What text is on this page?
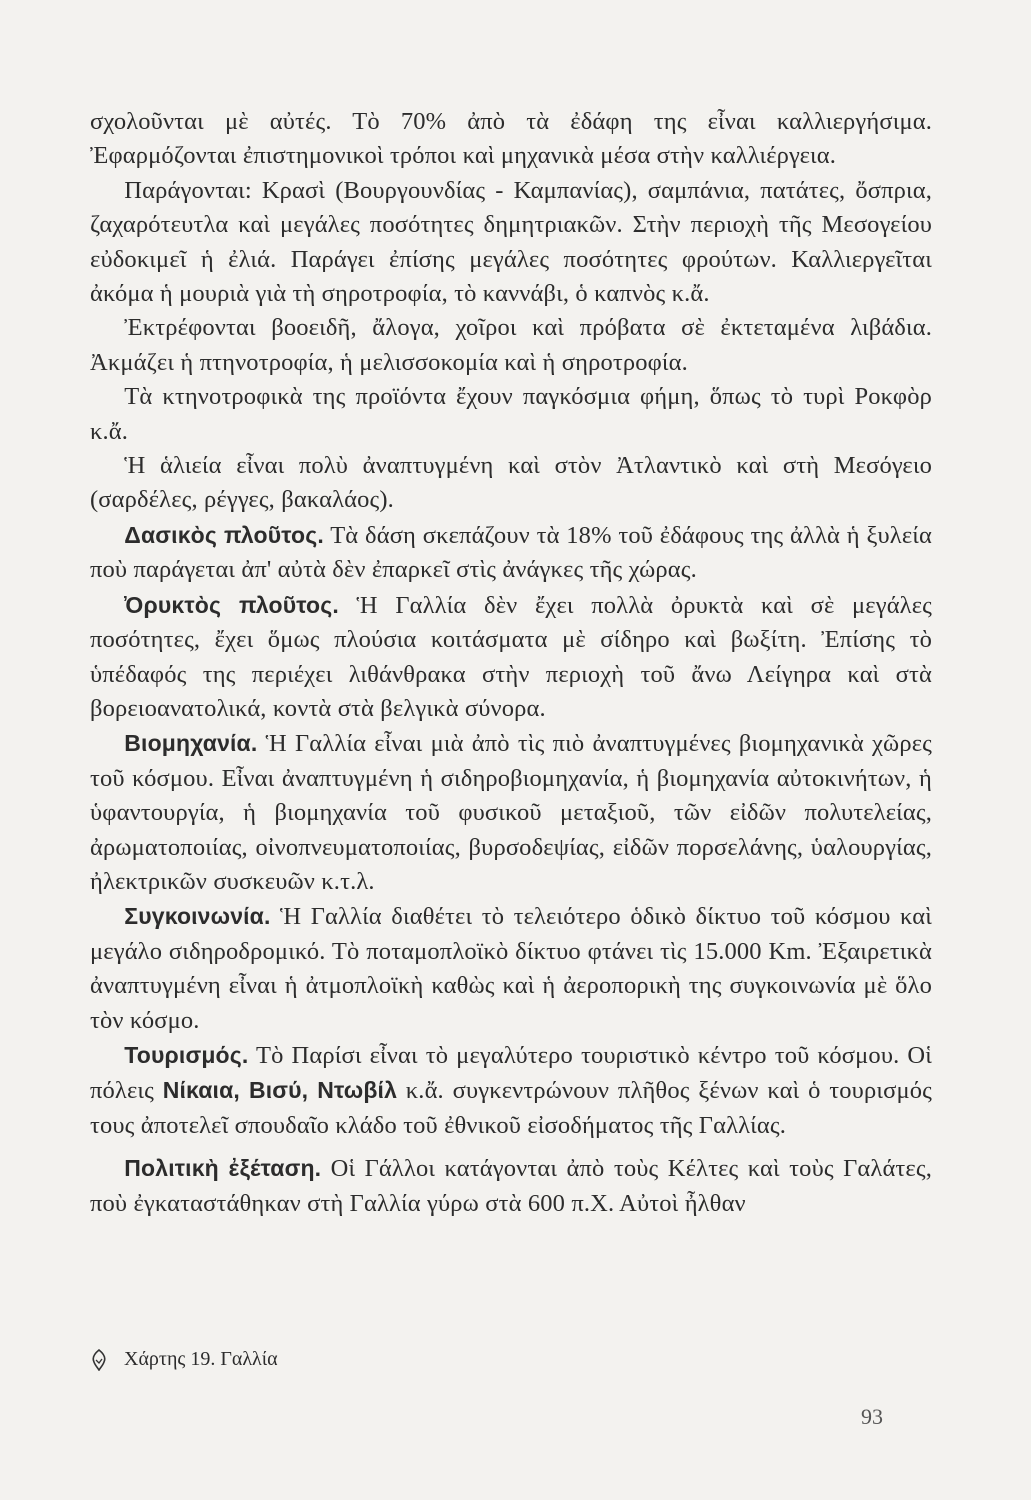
σχολοῦνται μὲ αὐτές. Τὸ 70% ἀπὸ τὰ ἐδάφη της εἶναι καλλιεργήσιμα. Ἐφαρμόζονται ἐπιστημονικοὶ τρόποι καὶ μηχανικὰ μέσα στὴν καλλιέργεια.

Παράγονται: Κρασὶ (Βουργουνδίας - Καμπανίας), σαμπάνια, πατάτες, ὄσπρια, ζαχαρότευτλα καὶ μεγάλες ποσότητες δημητριακῶν. Στὴν περιοχὴ τῆς Μεσογείου εὐδοκιμεῖ ἡ ἐλιά. Παράγει ἐπίσης μεγάλες ποσότητες φρούτων. Καλλιεργεῖται ἀκόμα ἡ μουριὰ γιὰ τὴ σηροτροφία, τὸ καννάβι, ὁ καπνὸς κ.ἄ.

Ἐκτρέφονται βοοειδῆ, ἄλογα, χοῖροι καὶ πρόβατα σὲ ἐκτεταμένα λιβάδια. Ἀκμάζει ἡ πτηνοτροφία, ἡ μελισσοκομία καὶ ἡ σηροτροφία.

Τὰ κτηνοτροφικὰ της προϊόντα ἔχουν παγκόσμια φήμη, ὅπως τὸ τυρὶ Ροκφὸρ κ.ἄ.

Ἡ ἁλιεία εἶναι πολὺ ἀναπτυγμένη καὶ στὸν Ἀτλαντικὸ καὶ στὴ Μεσόγειο (σαρδέλες, ρέγγες, βακαλάος).

Δασικὸς πλοῦτος. Τὰ δάση σκεπάζουν τὰ 18% τοῦ ἐδάφους της ἀλλὰ ἡ ξυλεία ποὺ παράγεται ἀπ' αὐτὰ δὲν ἐπαρκεῖ στὶς ἀνάγκες τῆς χώρας.

Ὀρυκτὸς πλοῦτος. Ἡ Γαλλία δὲν ἔχει πολλὰ ὀρυκτὰ καὶ σὲ μεγάλες ποσότητες, ἔχει ὅμως πλούσια κοιτάσματα μὲ σίδηρο καὶ βωξίτη. Ἐπίσης τὸ ὑπέδαφός της περιέχει λιθάνθρακα στὴν περιοχὴ τοῦ ἄνω Λείγηρα καὶ στὰ βορειοανατολικά, κοντὰ στὰ βελγικὰ σύνορα.

Βιομηχανία. Ἡ Γαλλία εἶναι μιὰ ἀπὸ τὶς πιὸ ἀναπτυγμένες βιομηχανικὰ χῶρες τοῦ κόσμου. Εἶναι ἀναπτυγμένη ἡ σιδηροβιομηχανία, ἡ βιομηχανία αὐτοκινήτων, ἡ ὑφαντουργία, ἡ βιομηχανία τοῦ φυσικοῦ μεταξιοῦ, τῶν εἰδῶν πολυτελείας, ἀρωματοποιίας, οἰνοπνευματοποιίας, βυρσοδεψίας, εἰδῶν πορσελάνης, ὑαλουργίας, ἠλεκτρικῶν συσκευῶν κ.τ.λ.

Συγκοινωνία. Ἡ Γαλλία διαθέτει τὸ τελειότερο ὁδικὸ δίκτυο τοῦ κόσμου καὶ μεγάλο σιδηροδρομικό. Τὸ ποταμοπλοϊκὸ δίκτυο φτάνει τὶς 15.000 Km. Ἐξαιρετικὰ ἀναπτυγμένη εἶναι ἡ ἀτμοπλοϊκὴ καθὼς καὶ ἡ ἀεροπορικὴ της συγκοινωνία μὲ ὅλο τὸν κόσμο.

Τουρισμός. Τὸ Παρίσι εἶναι τὸ μεγαλύτερο τουριστικὸ κέντρο τοῦ κόσμου. Οἱ πόλεις Νίκαια, Βισύ, Ντωβίλ κ.ἄ. συγκεντρώνουν πλῆθος ξένων καὶ ὁ τουρισμός τους ἀποτελεῖ σπουδαῖο κλάδο τοῦ ἐθνικοῦ εἰσοδήματος τῆς Γαλλίας.

Πολιτικὴ ἐξέταση. Οἱ Γάλλοι κατάγονται ἀπὸ τοὺς Κέλτες καὶ τοὺς Γαλάτες, ποὺ ἐγκαταστάθηκαν στὴ Γαλλία γύρω στὰ 600 π.Χ. Αὐτοὶ ἦλθαν

Χάρτης 19. Γαλλία
93
